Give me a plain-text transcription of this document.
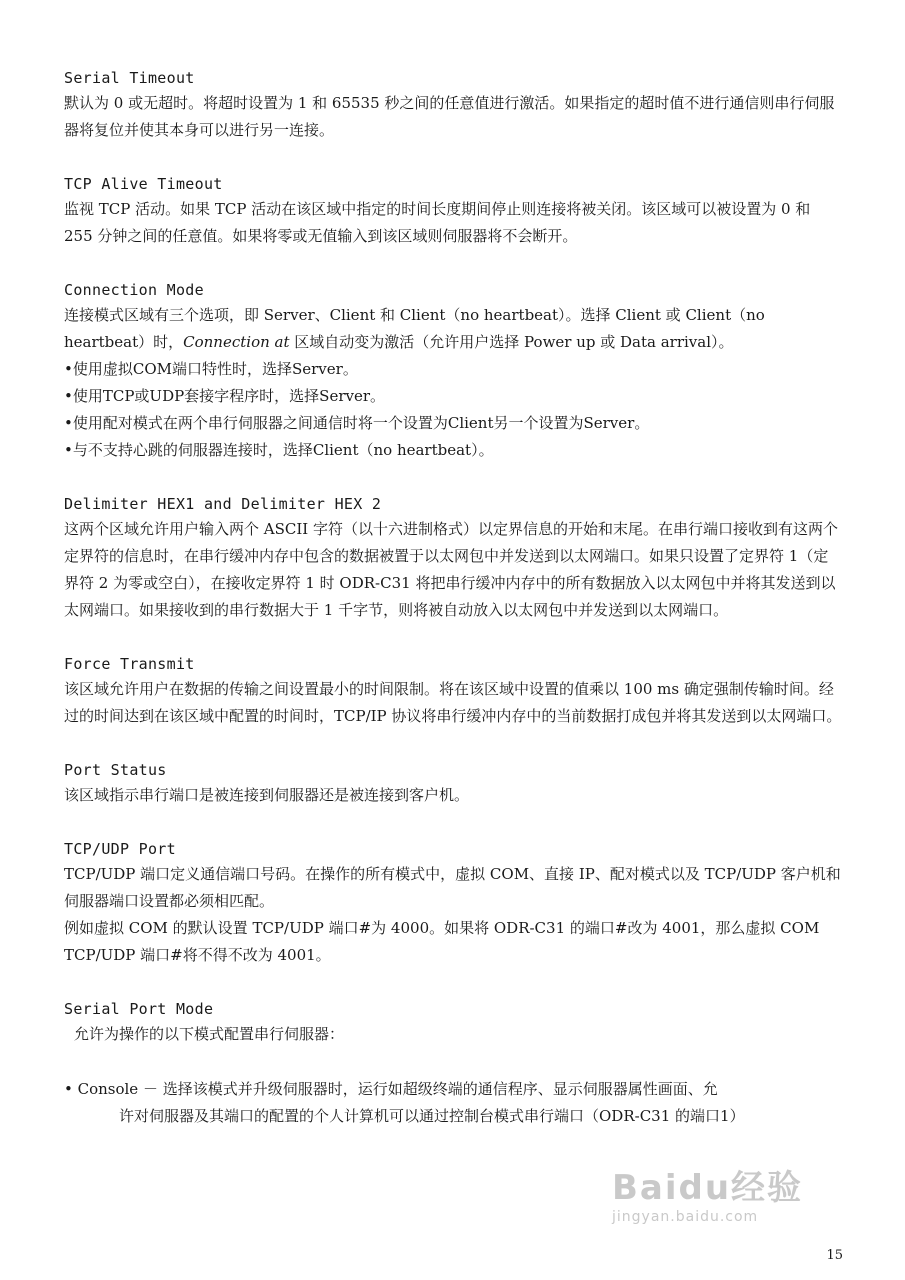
Serial Timeout

默认为 0 或无超时。将超时设置为 1 和 65535 秒之间的任意值进行激活。如果指定的超时值不进行通信则串行伺服器将复位并使其本身可以进行另一连接。

TCP Alive Timeout

监视 TCP 活动。如果 TCP 活动在该区域中指定的时间长度期间停止则连接将被关闭。该区域可以被设置为 0 和 255 分钟之间的任意值。如果将零或无值输入到该区域则伺服器将不会断开。

Connection Mode

连接模式区域有三个选项，即 Server、Client 和 Client（no heartbeat）。选择 Client 或 Client（no heartbeat）时，Connection at 区域自动变为激活（允许用户选择 Power up 或 Data arrival）。

•使用虚拟COM端口特性时，选择Server。

•使用TCP或UDP套接字程序时，选择Server。

•使用配对模式在两个串行伺服器之间通信时将一个设置为Client另一个设置为Server。

•与不支持心跳的伺服器连接时，选择Client（no heartbeat）。

Delimiter HEX1 and Delimiter HEX 2

这两个区域允许用户输入两个 ASCII 字符（以十六进制格式）以定界信息的开始和末尾。在串行端口接收到有这两个定界符的信息时，在串行缓冲内存中包含的数据被置于以太网包中并发送到以太网端口。如果只设置了定界符 1（定界符 2 为零或空白），在接收定界符 1 时 ODR-C31 将把串行缓冲内存中的所有数据放入以太网包中并将其发送到以太网端口。如果接收到的串行数据大于 1 千字节，则将被自动放入以太网包中并发送到以太网端口。

Force Transmit

该区域允许用户在数据的传输之间设置最小的时间限制。将在该区域中设置的值乘以 100 ms 确定强制传输时间。经过的时间达到在该区域中配置的时间时，TCP/IP 协议将串行缓冲内存中的当前数据打成包并将其发送到以太网端口。

Port Status

该区域指示串行端口是被连接到伺服器还是被连接到客户机。

TCP/UDP Port

TCP/UDP 端口定义通信端口号码。在操作的所有模式中，虚拟 COM、直接 IP、配对模式以及 TCP/UDP 客户机和伺服器端口设置都必须相匹配。

例如虚拟 COM 的默认设置 TCP/UDP 端口#为 4000。如果将 ODR-C31 的端口#改为 4001，那么虚拟 COM TCP/UDP 端口#将不得不改为 4001。

Serial Port Mode

允许为操作的以下模式配置串行伺服器：

• Console － 选择该模式并升级伺服器时，运行如超级终端的通信程序、显示伺服器属性画面、允
许对伺服器及其端口的配置的个人计算机可以通过控制台模式串行端口（ODR-C31 的端口1）

Baidu经验
jingyan.baidu.com
15
